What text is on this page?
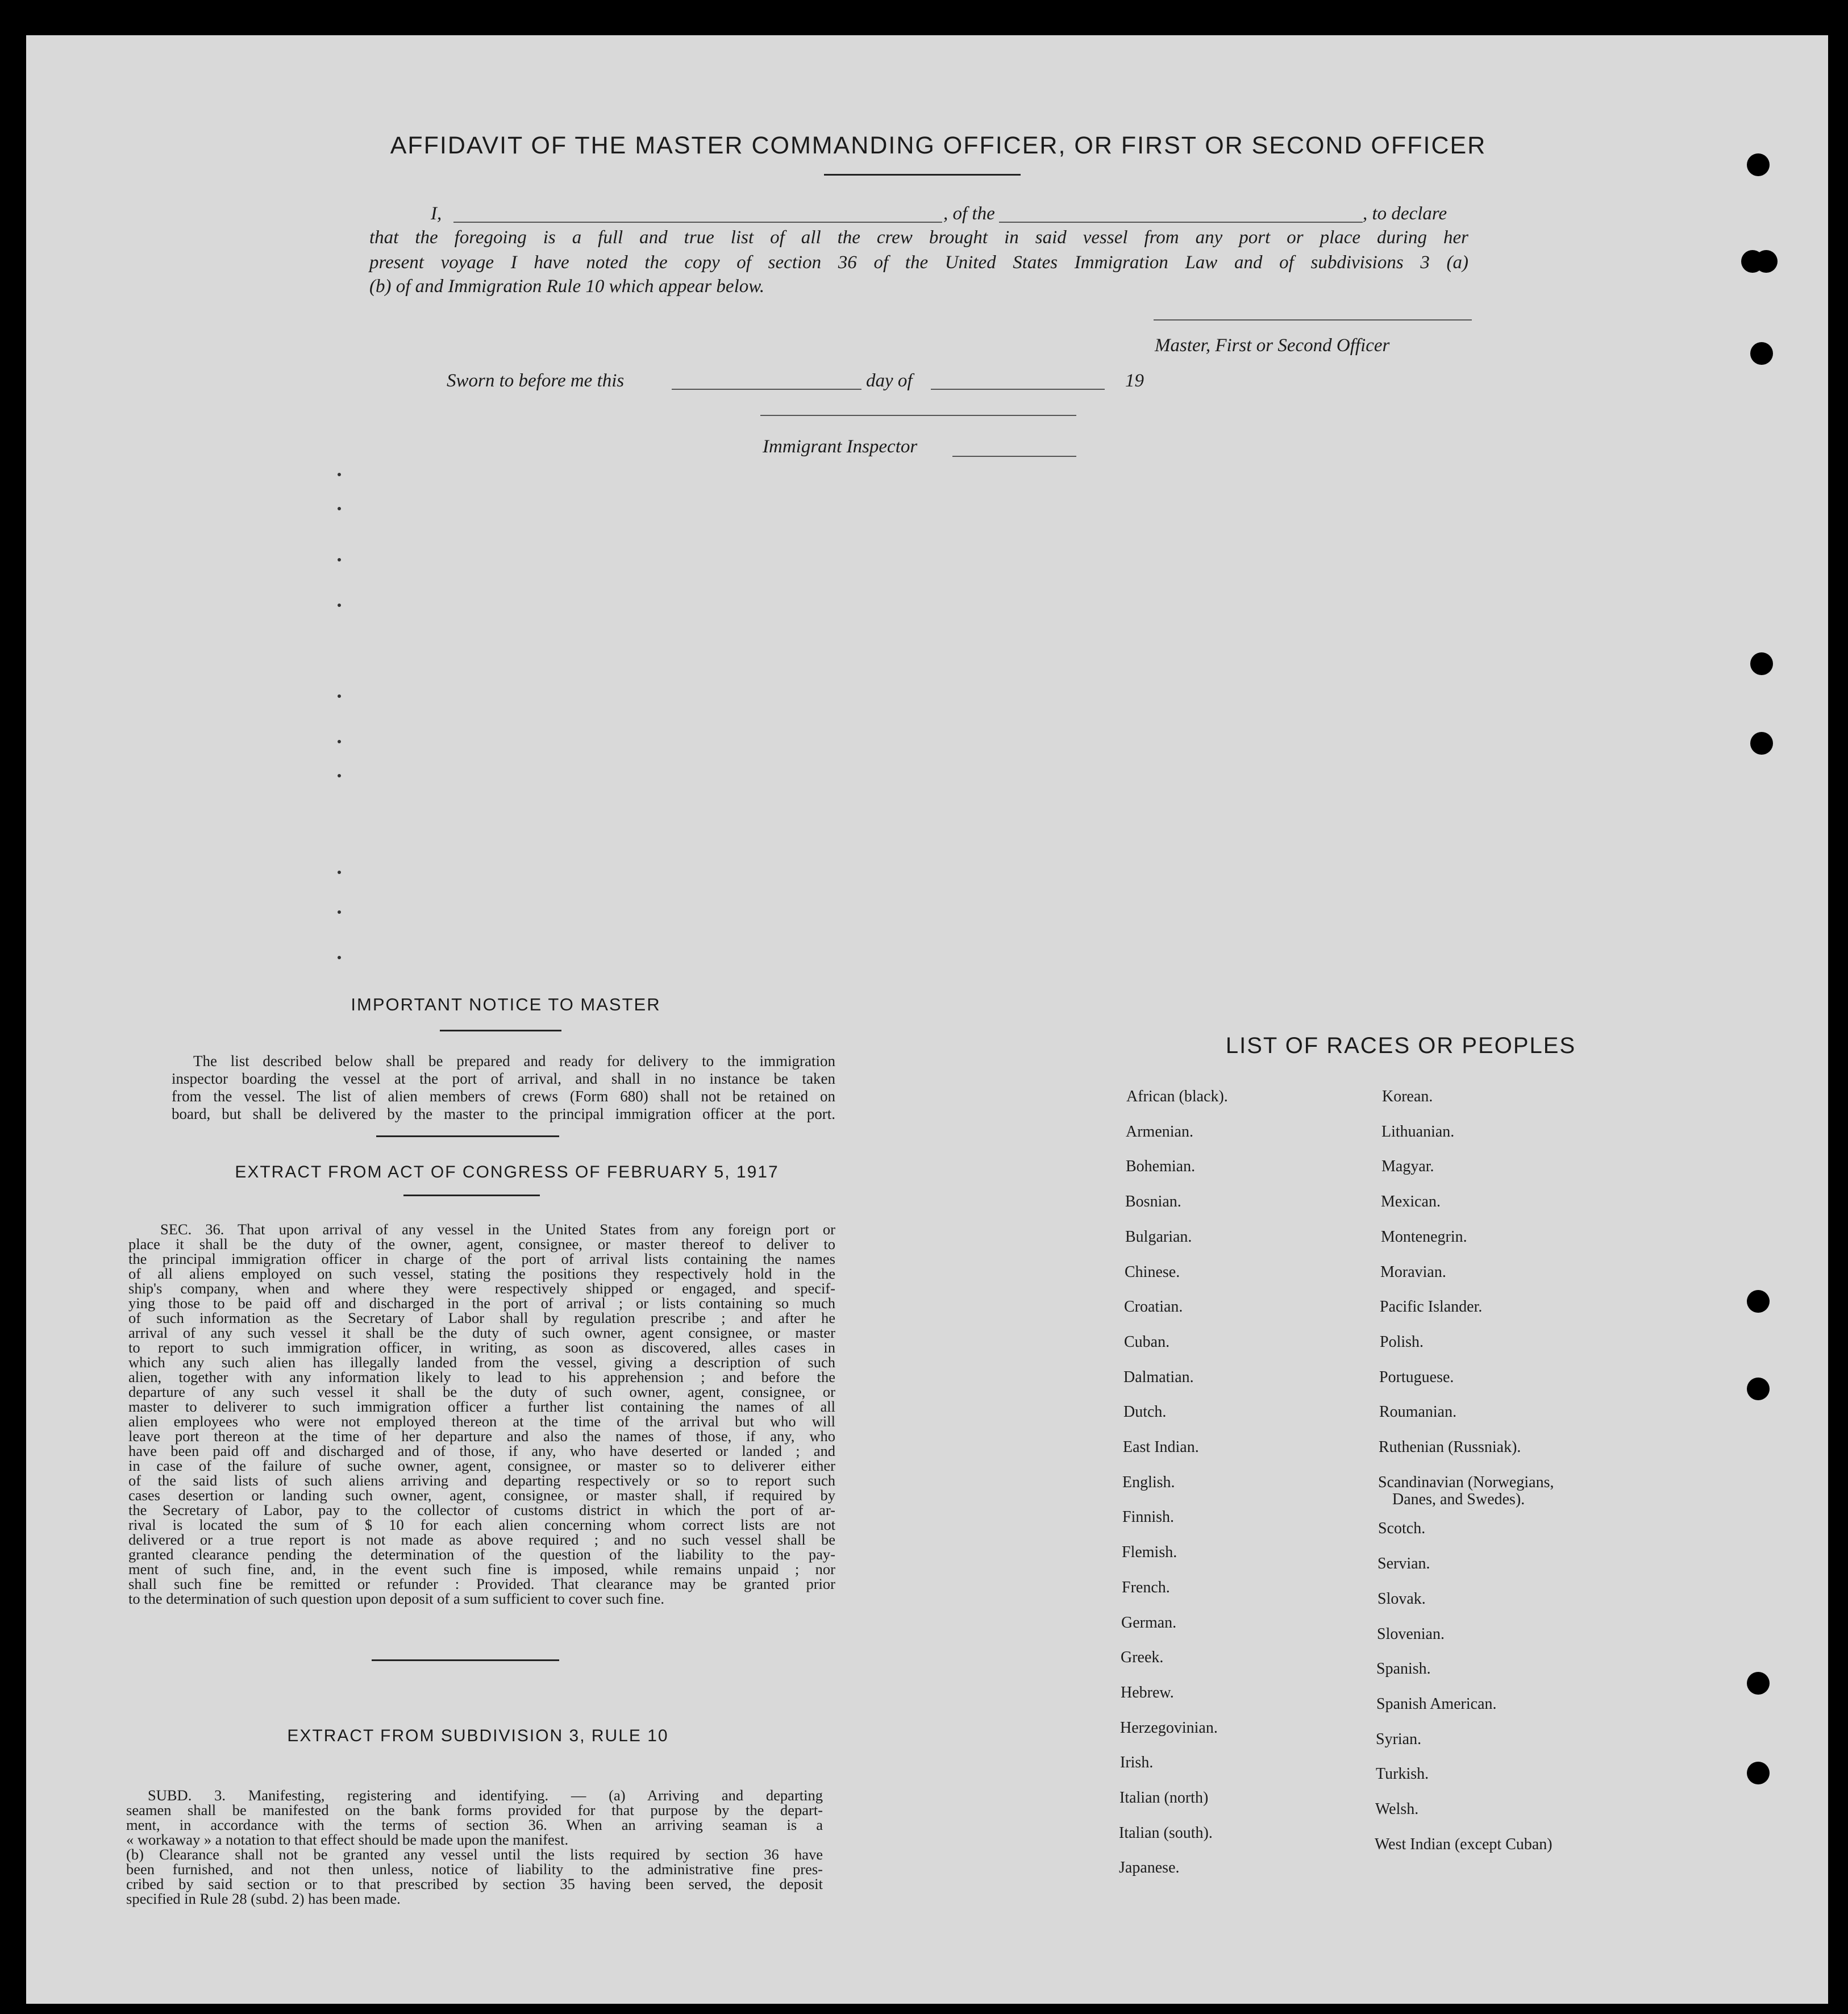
AFFIDAVIT OF THE MASTER COMMANDING OFFICER, OR FIRST OR SECOND OFFICER
I,	, of the	, to declare
that the foregoing is a full and true list of all the crew brought in said vessel from any port or place during her
present voyage I have noted the copy of section 36 of the United States Immigration Law and of subdivisions 3 (a)
(b) of and Immigration Rule 10 which appear below.
Master, First or Second Officer
Sworn to before me this	day of	19
Immigrant Inspector
IMPORTANT NOTICE TO MASTER
The list described below shall be prepared and ready for delivery to the immigration
inspector boarding the vessel at the port of arrival, and shall in no instance be taken
from the vessel. The list of alien members of crews (Form 680) shall not be retained on
board, but shall be delivered by the master to the principal immigration officer at the port.
EXTRACT FROM ACT OF CONGRESS OF FEBRUARY 5, 1917
SEC. 36. That upon arrival of any vessel in the United States from any foreign port or
place it shall be the duty of the owner, agent, consignee, or master thereof to deliver to
the principal immigration officer in charge of the port of arrival lists containing the names
of all aliens employed on such vessel, stating the positions they respectively hold in the
ship's company, when and where they were respectively shipped or engaged, and specif-
ying those to be paid off and discharged in the port of arrival ; or lists containing so much
of such information as the Secretary of Labor shall by regulation prescribe ; and after he
arrival of any such vessel it shall be the duty of such owner, agent consignee, or master
to report to such immigration officer, in writing, as soon as discovered, alles cases in
which any such alien has illegally landed from the vessel, giving a description of such
alien, together with any information likely to lead to his apprehension ; and before the
departure of any such vessel it shall be the duty of such owner, agent, consignee, or
master to deliverer to such immigration officer a further list containing the names of all
alien employees who were not employed thereon at the time of the arrival but who will
leave port thereon at the time of her departure and also the names of those, if any, who
have been paid off and discharged and of those, if any, who have deserted or landed ; and
in case of the failure of suche owner, agent, consignee, or master so to deliverer either
of the said lists of such aliens arriving and departing respectively or so to report such
cases desertion or landing such owner, agent, consignee, or master shall, if required by
the Secretary of Labor, pay to the collector of customs district in which the port of ar-
rival is located the sum of $ 10 for each alien concerning whom correct lists are not
delivered or a true report is not made as above required ; and no such vessel shall be
granted clearance pending the determination of the question of the liability to the pay-
ment of such fine, and, in the event such fine is imposed, while remains unpaid ; nor
shall such fine be remitted or refunder : Provided. That clearance may be granted prior
to the determination of such question upon deposit of a sum sufficient to cover such fine.
EXTRACT FROM SUBDIVISION 3, RULE 10
SUBD. 3. Manifesting, registering and identifying. — (a) Arriving and departing
seamen shall be manifested on the bank forms provided for that purpose by the depart-
ment, in accordance with the terms of section 36. When an arriving seaman is a
« workaway » a notation to that effect should be made upon the manifest.
(b) Clearance shall not be granted any vessel until the lists required by section 36 have
been furnished, and not then unless, notice of liability to the administrative fine pres-
cribed by said section or to that prescribed by section 35 having been served, the deposit
specified in Rule 28 (subd. 2) has been made.
LIST OF RACES OR PEOPLES
African (black).
Armenian.
Bohemian.
Bosnian.
Bulgarian.
Chinese.
Croatian.
Cuban.
Dalmatian.
Dutch.
East Indian.
English.
Finnish.
Flemish.
French.
German.
Greek.
Hebrew.
Herzegovinian.
Irish.
Italian (north)
Italian (south).
Japanese.
Korean.
Lithuanian.
Magyar.
Mexican.
Montenegrin.
Moravian.
Pacific Islander.
Polish.
Portuguese.
Roumanian.
Ruthenian (Russniak).
Scandinavian (Norwegians,
Danes, and Swedes).
Scotch.
Servian.
Slovak.
Slovenian.
Spanish.
Spanish American.
Syrian.
Turkish.
Welsh.
West Indian (except Cuban)
